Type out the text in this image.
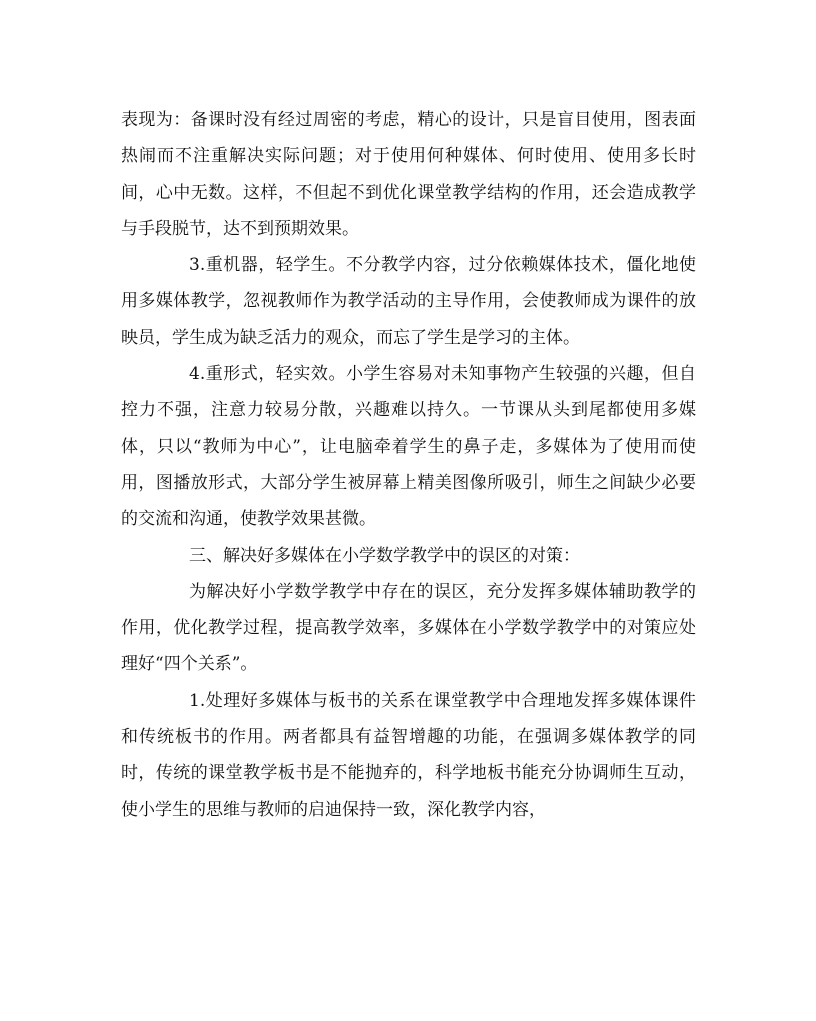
表现为：备课时没有经过周密的考虑，精心的设计，只是盲目使用，图表面热闹而不注重解决实际问题；对于使用何种媒体、何时使用、使用多长时间，心中无数。这样，不但起不到优化课堂教学结构的作用，还会造成教学与手段脱节，达不到预期效果。

3.重机器，轻学生。不分教学内容，过分依赖媒体技术，僵化地使用多媒体教学，忽视教师作为教学活动的主导作用，会使教师成为课件的放映员，学生成为缺乏活力的观众，而忘了学生是学习的主体。

4.重形式，轻实效。小学生容易对未知事物产生较强的兴趣，但自控力不强，注意力较易分散，兴趣难以持久。一节课从头到尾都使用多媒体，只以“教师为中心”，让电脑牵着学生的鼻子走，多媒体为了使用而使用，图播放形式，大部分学生被屏幕上精美图像所吸引，师生之间缺少必要的交流和沟通，使教学效果甚微。

三、解决好多媒体在小学数学教学中的误区的对策：

为解决好小学数学教学中存在的误区，充分发挥多媒体辅助教学的作用，优化教学过程，提高教学效率，多媒体在小学数学教学中的对策应处理好“四个关系”。

1.处理好多媒体与板书的关系在课堂教学中合理地发挥多媒体课件和传统板书的作用。两者都具有益智增趣的功能，在强调多媒体教学的同时，传统的课堂教学板书是不能抛弃的，科学地板书能充分协调师生互动，使小学生的思维与教师的启迪保持一致，深化教学内容，
